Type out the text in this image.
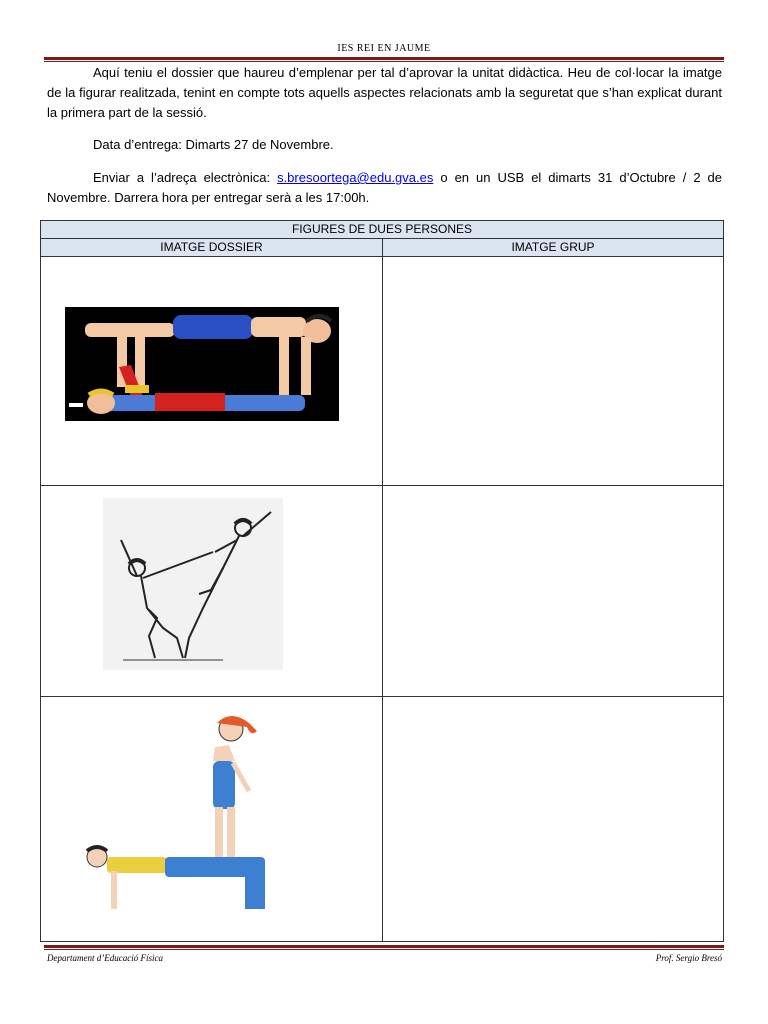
IES REI EN JAUME

Aquí teniu el dossier que haureu d’emplenar per tal d’aprovar la unitat didàctica. Heu de col·locar la imatge de la figurar realitzada, tenint en compte tots aquells aspectes relacionats amb la seguretat que s’han explicat durant la primera part de la sessió.

Data d’entrega: Dimarts 27 de Novembre.

Enviar a l’adreça electrònica: s.bresoortega@edu.gva.es o en un USB el dimarts 31 d’Octubre / 2 de Novembre. Darrera hora per entregar serà a les 17:00h.

FIGURES DE DUES PERSONES	
IMATGE DOSSIER	IMATGE GRUP

Departament d’Educació Física	Prof. Sergio Bresó
